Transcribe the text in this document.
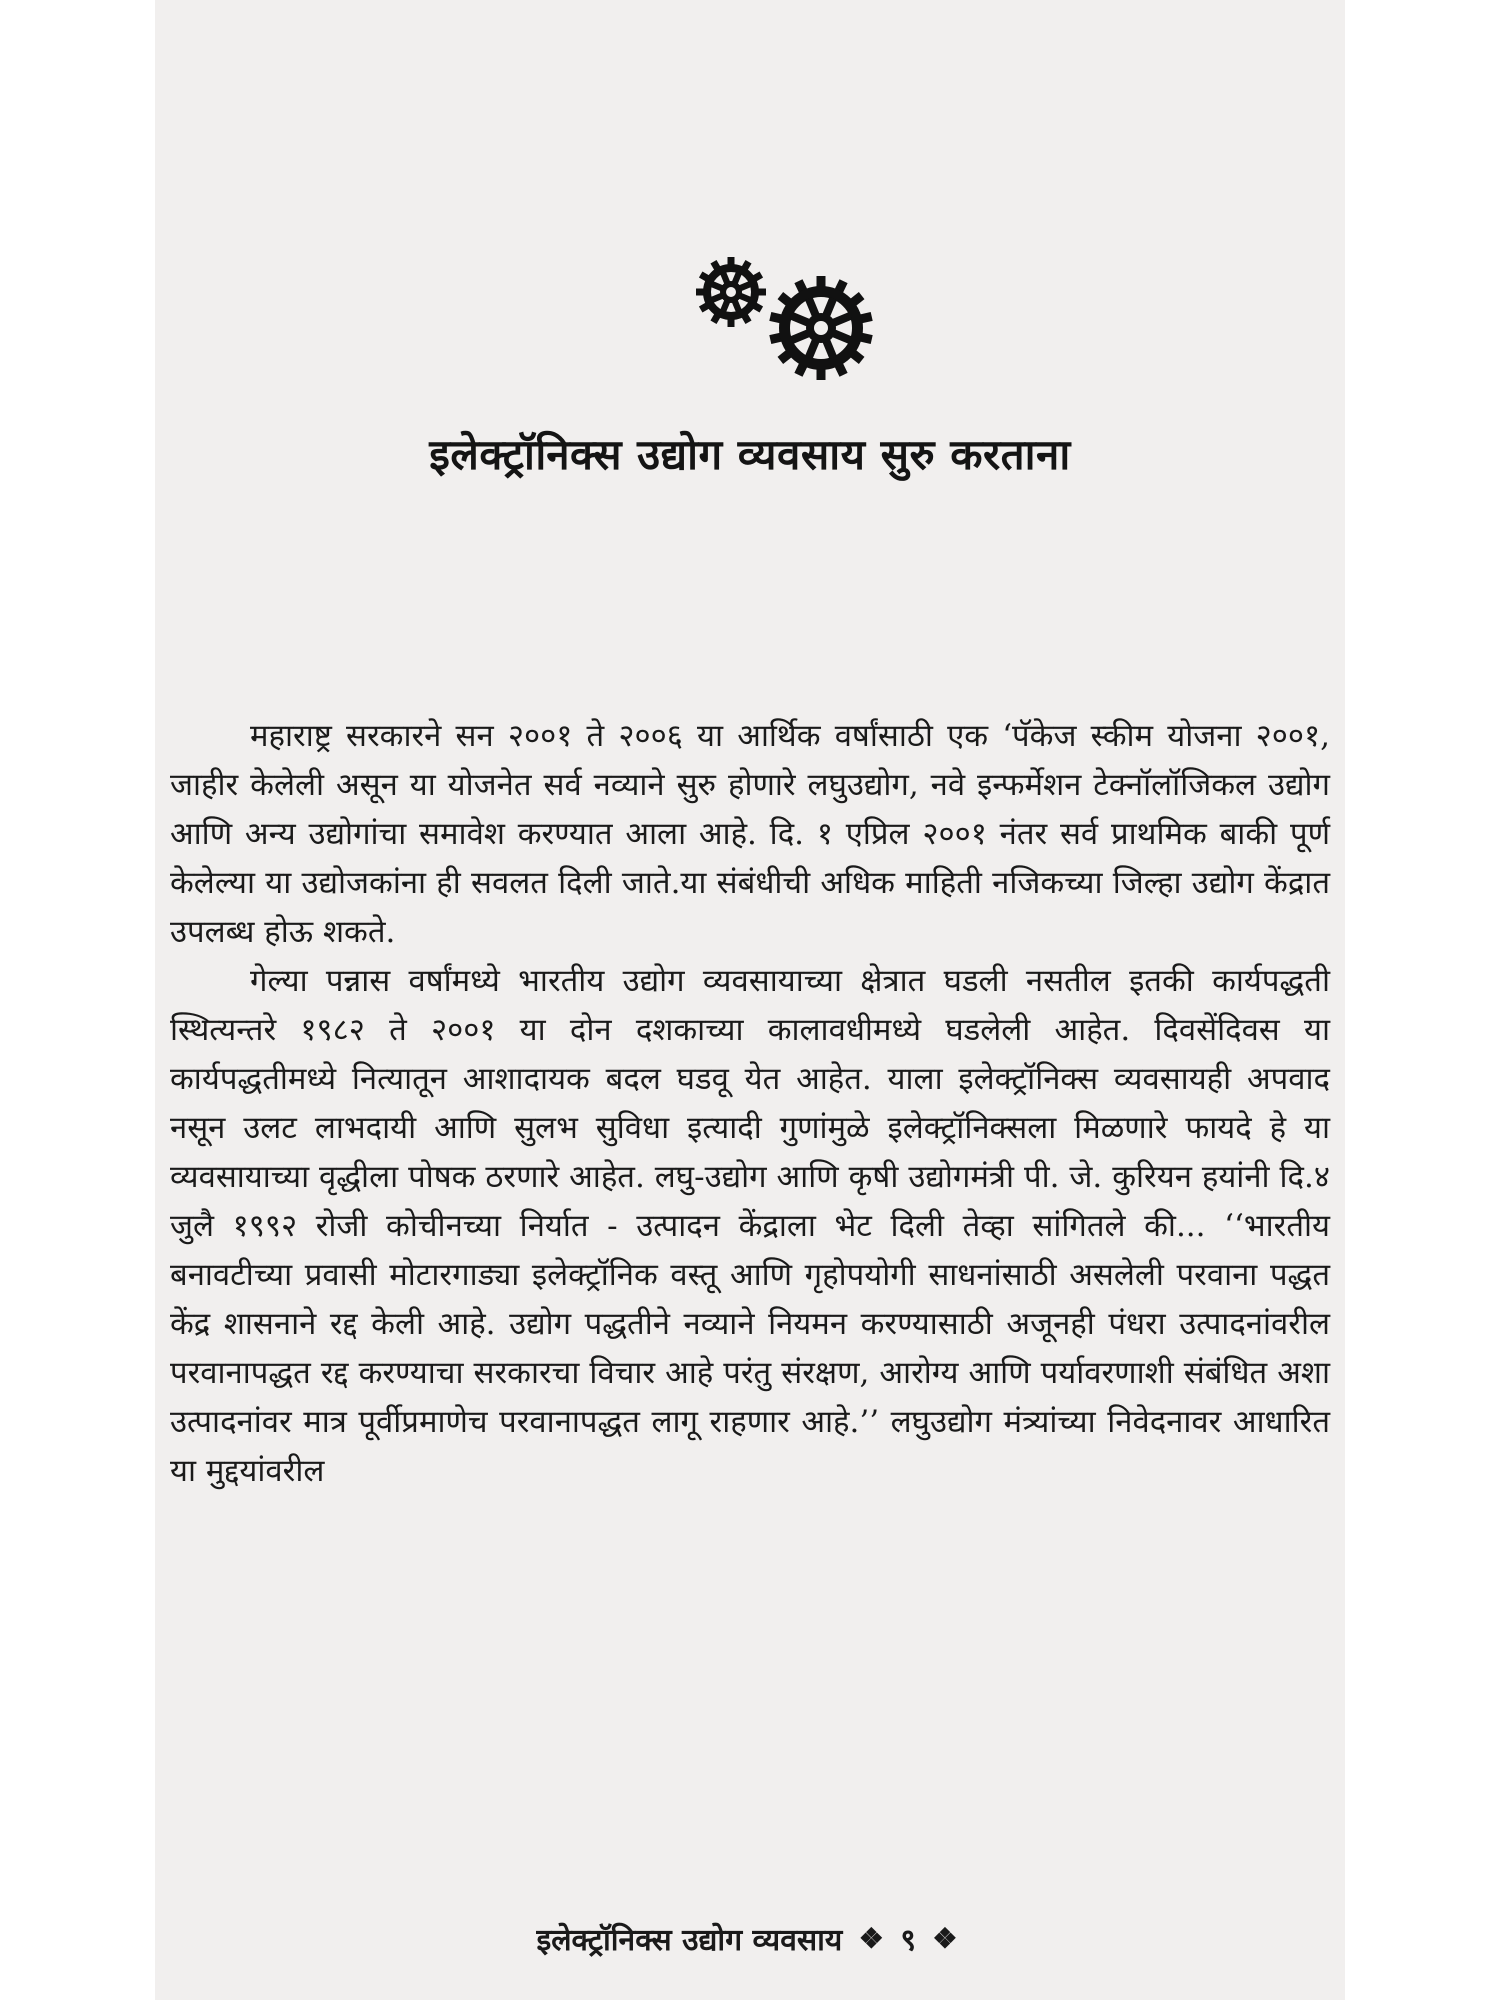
इलेक्ट्रॉनिक्स उद्योग व्यवसाय सुरु करताना

महाराष्ट्र सरकारने सन २००१ ते २००६ या आर्थिक वर्षांसाठी एक ‘पॅकेज स्कीम योजना २००१, जाहीर केलेली असून या योजनेत सर्व नव्याने सुरु होणारे लघुउद्योग, नवे इन्फर्मेशन टेक्नॉलॉजिकल उद्योग आणि अन्य उद्योगांचा समावेश करण्यात आला आहे. दि. १ एप्रिल २००१ नंतर सर्व प्राथमिक बाकी पूर्ण केलेल्या या उद्योजकांना ही सवलत दिली जाते.या संबंधीची अधिक माहिती नजिकच्या जिल्हा उद्योग केंद्रात उपलब्ध होऊ शकते.

गेल्या पन्नास वर्षांमध्ये भारतीय उद्योग व्यवसायाच्या क्षेत्रात घडली नसतील इतकी कार्यपद्धती स्थित्यन्तरे १९८२ ते २००१ या दोन दशकाच्या कालावधीमध्ये घडलेली आहेत. दिवसेंदिवस या कार्यपद्धतीमध्ये नित्यातून आशादायक बदल घडवू येत आहेत. याला इलेक्ट्रॉनिक्स व्यवसायही अपवाद नसून उलट लाभदायी आणि सुलभ सुविधा इत्यादी गुणांमुळे इलेक्ट्रॉनिक्सला मिळणारे फायदे हे या व्यवसायाच्या वृद्धीला पोषक ठरणारे आहेत. लघु-उद्योग आणि कृषी उद्योगमंत्री पी. जे. कुरियन हयांनी दि.४ जुलै १९९२ रोजी कोचीनच्या निर्यात - उत्पादन केंद्राला भेट दिली तेव्हा सांगितले की... ‘‘भारतीय बनावटीच्या प्रवासी मोटारगाड्या इलेक्ट्रॉनिक वस्तू आणि गृहोपयोगी साधनांसाठी असलेली परवाना पद्धत केंद्र शासनाने रद्द केली आहे. उद्योग पद्धतीने नव्याने नियमन करण्यासाठी अजूनही पंधरा उत्पादनांवरील परवानापद्धत रद्द करण्याचा सरकारचा विचार आहे परंतु संरक्षण, आरोग्य आणि पर्यावरणाशी संबंधित अशा उत्पादनांवर मात्र पूर्वीप्रमाणेच परवानापद्धत लागू राहणार आहे.’’ लघुउद्योग मंत्र्यांच्या निवेदनावर आधारित या मुद्दयांवरील

इलेक्ट्रॉनिक्स उद्योग व्यवसाय ❖ ९ ❖
